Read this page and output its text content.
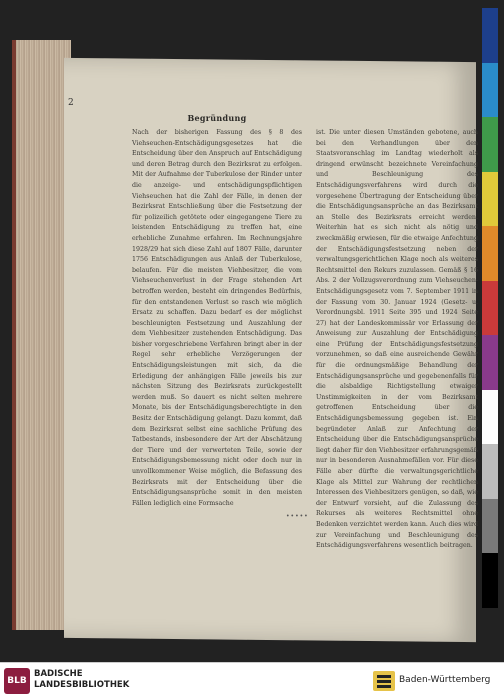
2
Begründung
Nach der bisherigen Fassung des § 8 des Viehseuchen-Entschädigungsgesetzes hat die Entscheidung über den Anspruch auf Entschädigung und deren Betrag durch den Bezirksrat zu erfolgen. Mit der Aufnahme der Tuberkulose der Rinder unter die anzeige- und entschädigungspflichtigen Viehseuchen hat die Zahl der Fälle, in denen der Bezirksrat Entschließung über die Festsetzung der für polizeilich getötete oder eingegangene Tiere zu leistenden Entschädigung zu treffen hat, eine erhebliche Zunahme erfahren. Im Rechnungsjahre 1928/29 hat sich diese Zahl auf 1807 Fälle, darunter 1756 Entschädigungen aus Anlaß der Tuberkulose, belaufen. Für die meisten Viehbesitzer, die vom Viehseuchenverlust in der Frage stehenden Art betroffen werden, besteht ein dringendes Bedürfnis, für den entstandenen Verlust so rasch wie möglich Ersatz zu schaffen. Dazu bedarf es der möglichst beschleunigten Festsetzung und Auszahlung der dem Viehbesitzer zustehenden Entschädigung. Das bisher vorgeschriebene Verfahren bringt aber in der Regel sehr erhebliche Verzögerungen der Entschädigungsleistungen mit sich, da die Erledigung der anhängigen Fälle jeweils bis zur nächsten Sitzung des Bezirksrats zurückgestellt werden muß. So dauert es nicht selten mehrere Monate, bis der Entschädigungsberechtigte in den Besitz der Entschädigung gelangt. Dazu kommt, daß dem Bezirksrat selbst eine sachliche Prüfung des Tatbestands, insbesondere der Art der Abschätzung der Tiere und der verwerteten Teile, sowie der Entschädigungsbemessung nicht oder doch nur in unvollkommener Weise möglich, die Befassung des Bezirksrats mit der Entscheidung über die Entschädigungsansprüche somit in den meisten Fällen lediglich eine Formsache
ist. Die unter diesen Umständen gebotene, auch bei den Verhandlungen über den Staatsvoranschlag im Landtag wiederholt als dringend erwünscht bezeichnete Vereinfachung und Beschleunigung des Entschädigungsverfahrens wird durch die vorgesehene Übertragung der Entscheidung über die Entschädigungsansprüche an das Bezirksamt an Stelle des Bezirksrats erreicht werden. Weiterhin hat es sich nicht als nötig und zweckmäßig erwiesen, für die etwaige Anfechtung der Entschädigungsfestsetzung neben der verwaltungsgerichtlichen Klage noch als weiteres Rechtsmittel den Rekurs zuzulassen. Gemäß § 16 Abs. 2 der Vollzugsverordnung zum Viehseuchen-Entschädigungsgesetz vom 7. September 1911 in der Fassung vom 30. Januar 1924 (Gesetz- u. Verordnungsbl. 1911 Seite 395 und 1924 Seite 27) hat der Landeskommissär vor Erlassung der Anweisung zur Auszahlung der Entschädigung eine Prüfung der Entschädigungsfestsetzung vorzunehmen, so daß eine ausreichende Gewähr für die ordnungsmäßige Behandlung der Entschädigungsansprüche und gegebenenfalls für die alsbaldige Richtigstellung etwaiger Unstimmigkeiten in der vom Bezirksamt getroffenen Entscheidung über die Entschädigungsbemessung gegeben ist. Ein begründeter Anlaß zur Anfechtung der Entscheidung über die Entschädigungsansprüche liegt daher für den Viehbesitzer erfahrungsgemäß nur in besonderen Ausnahmefällen vor. Für diese Fälle aber dürfte die verwaltungsgerichtliche Klage als Mittel zur Wahrung der rechtlichen Interessen des Viehbesitzers genügen, so daß, wie der Entwurf vorsieht, auf die Zulassung des Rekurses als weiteres Rechtsmittel ohne Bedenken verzichtet werden kann. Auch dies wird zur Vereinfachung und Beschleunigung des Entschädigungsverfahrens wesentlich beitragen.
•••••
BLB
BADISCHE
LANDESBIBLIOTHEK	Baden-Württemberg
